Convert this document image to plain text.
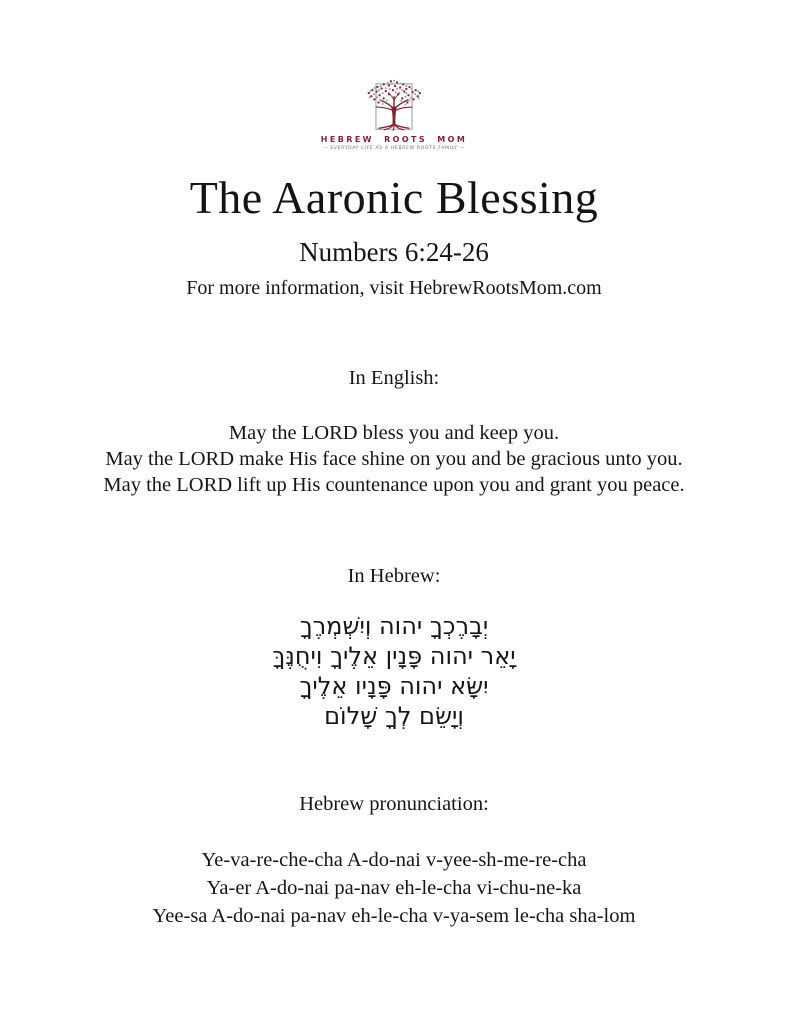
HEBREW ROOTS MOM
— EVERYDAY LIFE AS A HEBREW ROOTS FAMILY —
The Aaronic Blessing
Numbers 6:24-26
For more information, visit HebrewRootsMom.com
In English:
May the LORD bless you and keep you.
May the LORD make His face shine on you and be gracious unto you.
May the LORD lift up His countenance upon you and grant you peace.
In Hebrew:
יְבָרֶכְךָ יהוה וְיִשְׁמְרֶךָ
יָאֵר יהוה פָּנָין אֵלֶיךָ וִיחֻנֶּךָּ
יִשָּׂא יהוה פָּנָיו אֵלֶיךָ
וְיָשֵׂם לְךָ שָׁלוֹם
Hebrew pronunciation:
Ye-va-re-che-cha A-do-nai v-yee-sh-me-re-cha
Ya-er A-do-nai pa-nav eh-le-cha vi-chu-ne-ka
Yee-sa A-do-nai pa-nav eh-le-cha v-ya-sem le-cha sha-lom
